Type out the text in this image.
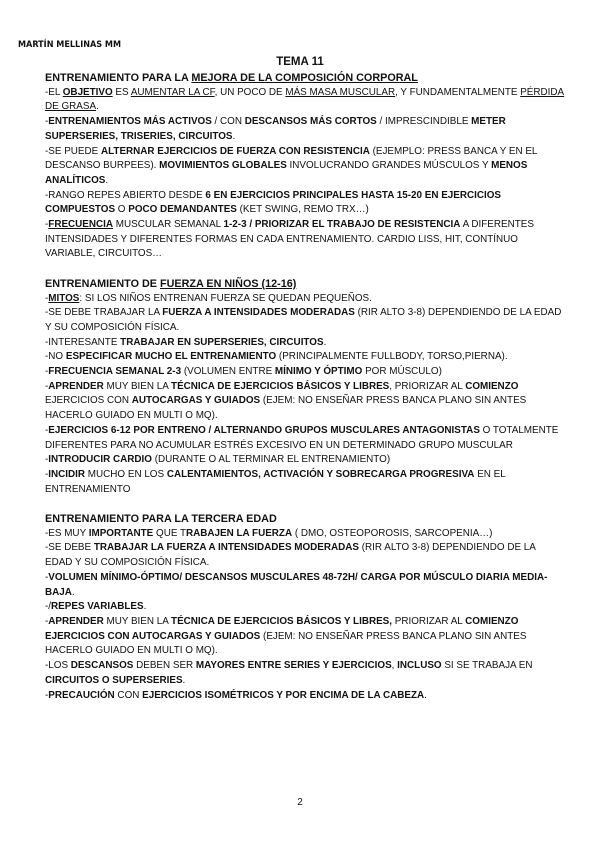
MARTÍN MELLINAS MM
TEMA 11

ENTRENAMIENTO PARA LA MEJORA DE LA COMPOSICIÓN CORPORAL

-EL OBJETIVO ES AUMENTAR LA CF, UN POCO DE MÁS MASA MUSCULAR, Y FUNDAMENTALMENTE PÉRDIDA DE GRASA.

-ENTRENAMIENTOS MÁS ACTIVOS / CON DESCANSOS MÁS CORTOS / IMPRESCINDIBLE METER SUPERSERIES, TRISERIES, CIRCUITOS.

-SE PUEDE ALTERNAR EJERCICIOS DE FUERZA CON RESISTENCIA (EJEMPLO: PRESS BANCA Y EN EL DESCANSO BURPEES). MOVIMIENTOS GLOBALES INVOLUCRANDO GRANDES MÚSCULOS Y MENOS ANALÍTICOS.

-RANGO REPES ABIERTO DESDE 6 EN EJERCICIOS PRINCIPALES HASTA 15-20 EN EJERCICIOS COMPUESTOS O POCO DEMANDANTES (KET SWING, REMO TRX…)

-FRECUENCIA MUSCULAR SEMANAL 1-2-3 / PRIORIZAR EL TRABAJO DE RESISTENCIA A DIFERENTES INTENSIDADES Y DIFERENTES FORMAS EN CADA ENTRENAMIENTO. CARDIO LISS, HIT, CONTÍNUO VARIABLE, CIRCUITOS…

ENTRENAMIENTO DE FUERZA EN NIÑOS (12-16)

-MITOS: SI LOS NIÑOS ENTRENAN FUERZA SE QUEDAN PEQUEÑOS.

-SE DEBE TRABAJAR LA FUERZA A INTENSIDADES MODERADAS (RIR ALTO 3-8) DEPENDIENDO DE LA EDAD Y SU COMPOSICIÓN FÍSICA.

-INTERESANTE TRABAJAR EN SUPERSERIES, CIRCUITOS.

-NO ESPECIFICAR MUCHO EL ENTRENAMIENTO (PRINCIPALMENTE FULLBODY, TORSO,PIERNA).

-FRECUENCIA SEMANAL 2-3 (VOLUMEN ENTRE MÍNIMO Y ÓPTIMO POR MÚSCULO)

-APRENDER MUY BIEN LA TÉCNICA DE EJERCICIOS BÁSICOS Y LIBRES, PRIORIZAR AL COMIENZO EJERCICIOS CON AUTOCARGAS Y GUIADOS (EJEM: NO ENSEÑAR PRESS BANCA PLANO SIN ANTES HACERLO GUIADO EN MULTI O MQ).

-EJERCICIOS 6-12 POR ENTRENO / ALTERNANDO GRUPOS MUSCULARES ANTAGONISTAS O TOTALMENTE DIFERENTES PARA NO ACUMULAR ESTRÉS EXCESIVO EN UN DETERMINADO GRUPO MUSCULAR

-INTRODUCIR CARDIO (DURANTE O AL TERMINAR EL ENTRENAMIENTO)

-INCIDIR MUCHO EN LOS CALENTAMIENTOS, ACTIVACIÓN Y SOBRECARGA PROGRESIVA EN EL ENTRENAMIENTO

ENTRENAMIENTO PARA LA TERCERA EDAD

-ES MUY IMPORTANTE QUE TRABAJEN LA FUERZA ( DMO, OSTEOPOROSIS, SARCOPENIA…)

-SE DEBE TRABAJAR LA FUERZA A INTENSIDADES MODERADAS (RIR ALTO 3-8) DEPENDIENDO DE LA EDAD Y SU COMPOSICIÓN FÍSICA.

-VOLUMEN MÍNIMO-ÓPTIMO/ DESCANSOS MUSCULARES 48-72H/ CARGA POR MÚSCULO DIARIA MEDIA-BAJA.

-/REPES VARIABLES.

-APRENDER MUY BIEN LA TÉCNICA DE EJERCICIOS BÁSICOS Y LIBRES, PRIORIZAR AL COMIENZO EJERCICIOS CON AUTOCARGAS Y GUIADOS (EJEM: NO ENSEÑAR PRESS BANCA PLANO SIN ANTES HACERLO GUIADO EN MULTI O MQ).

-LOS DESCANSOS DEBEN SER MAYORES ENTRE SERIES Y EJERCICIOS, INCLUSO SI SE TRABAJA EN CIRCUITOS O SUPERSERIES.

-PRECAUCIÓN CON EJERCICIOS ISOMÉTRICOS Y POR ENCIMA DE LA CABEZA.

2
